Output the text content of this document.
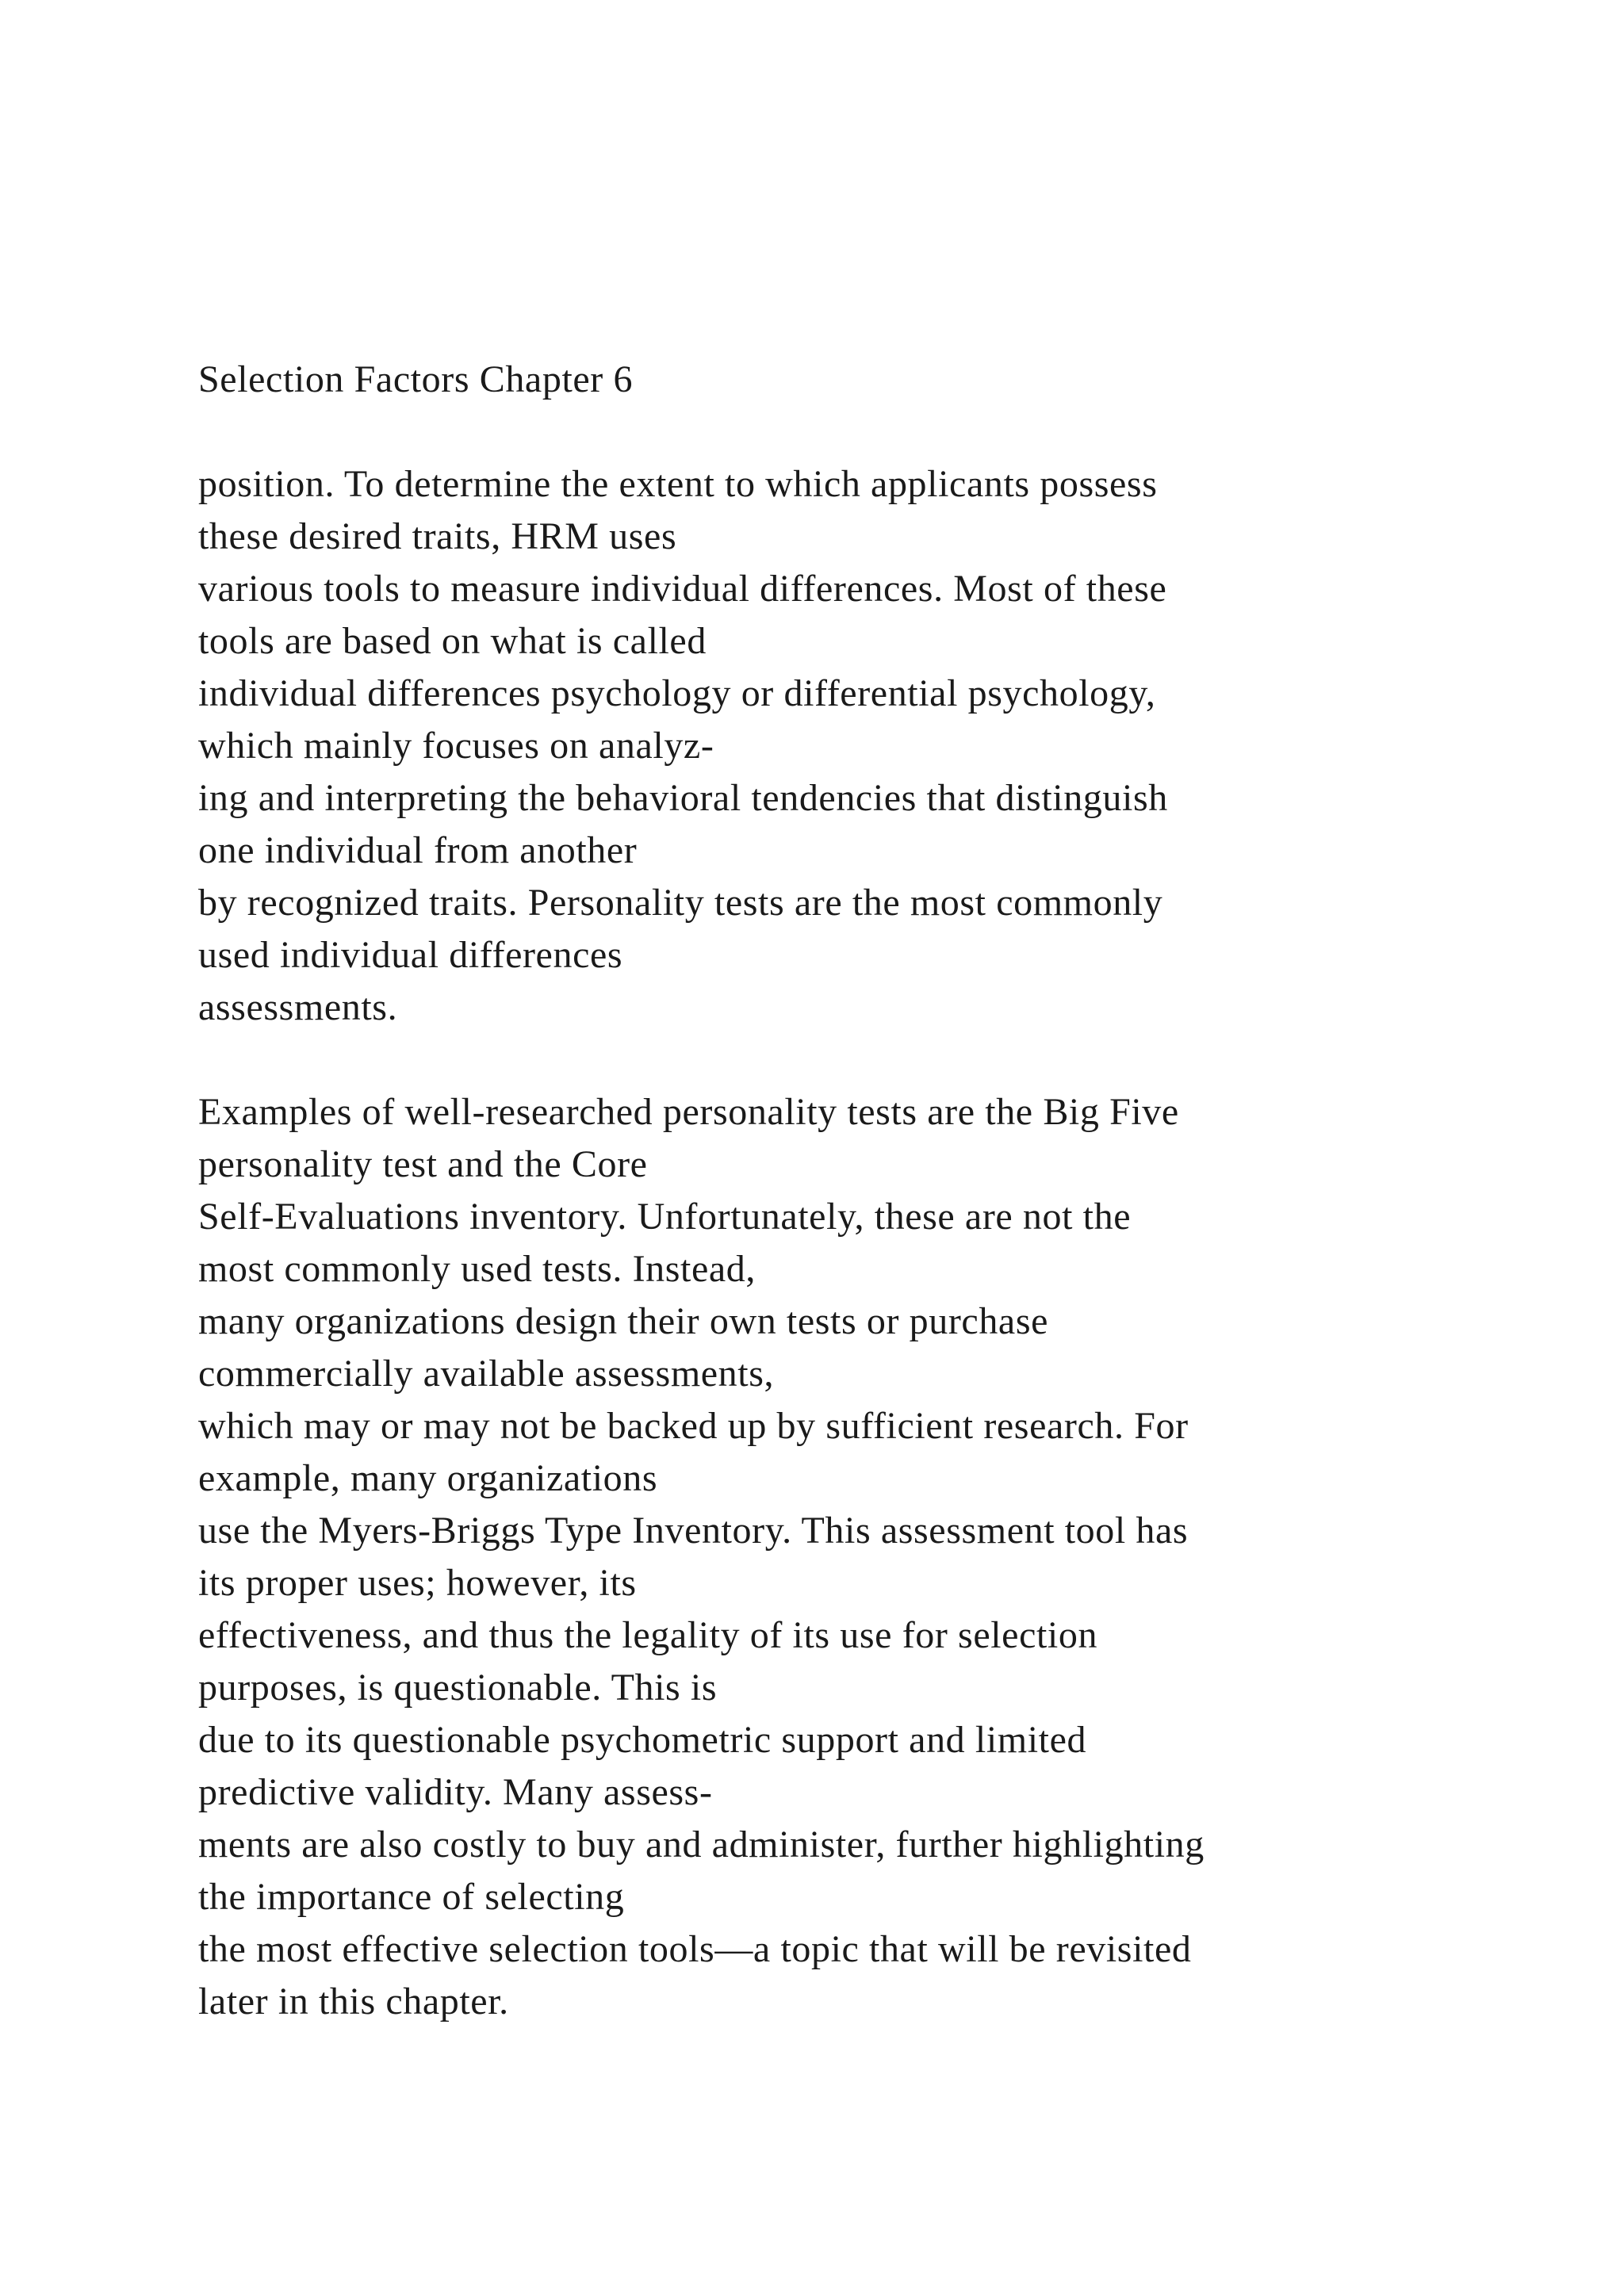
Selection Factors Chapter 6
position. To determine the extent to which applicants possess
these desired traits, HRM uses
various tools to measure individual differences. Most of these
tools are based on what is called
individual differences psychology or differential psychology,
which mainly focuses on analyz-
ing and interpreting the behavioral tendencies that distinguish
one individual from another
by recognized traits. Personality tests are the most commonly
used individual differences
assessments.
Examples of well-researched personality tests are the Big Five
personality test and the Core
Self-Evaluations inventory. Unfortunately, these are not the
most commonly used tests. Instead,
many organizations design their own tests or purchase
commercially available assessments,
which may or may not be backed up by sufficient research. For
example, many organizations
use the Myers-Briggs Type Inventory. This assessment tool has
its proper uses; however, its
effectiveness, and thus the legality of its use for selection
purposes, is questionable. This is
due to its questionable psychometric support and limited
predictive validity. Many assess-
ments are also costly to buy and administer, further highlighting
the importance of selecting
the most effective selection tools—a topic that will be revisited
later in this chapter.
